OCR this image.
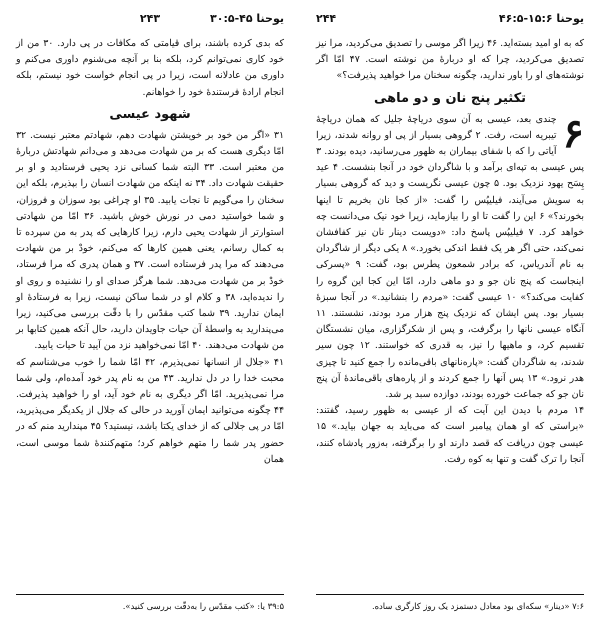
یوحنا ۴۵-۳۰:۵
۲۴۳

که بدی کرده باشند، برای قیامتی که مکافات در پی دارد. ۳۰ من از خود کاری نمی‌توانم کرد، بلکه بنا بر آنچه می‌شنوم داوری می‌کنم و داوری من عادلانه است، زیرا در پی انجام خواست خود نیستم، بلکه انجام ارادهٔ فرستندهٔ خود را خواهانم.

شهود عیسی

۳۱ «اگر من خود بر خویشتن شهادت دهم، شهادتم معتبر نیست. ۳۲ امّا دیگری هست که بر من شهادت می‌دهد و می‌دانم شهادتش دربارهٔ من معتبر است. ۳۳ البته شما کسانی نزد یحیی فرستادید و او بر حقیقت شهادت داد. ۳۴ نه اینکه من شهادت انسان را بپذیرم، بلکه این سخنان را می‌گویم تا نجات یابید. ۳۵ او چراغی بود سوزان و فروزان، و شما خواستید دمی در نورش خوش باشید. ۳۶ امّا من شهادتی استوارتر از شهادت یحیی دارم، زیرا کارهایی که پدر به من سپرده تا به کمال رسانم، یعنی همین کارها که می‌کنم، خودْ بر من شهادت می‌دهند که مرا پدر فرستاده است. ۳۷ و همان پدری که مرا فرستاد، خودْ بر من شهادت می‌دهد. شما هرگز صدای او را نشنیده و روی او را ندیده‌اید، ۳۸ و کلام او در شما ساکن نیست، زیرا به فرستادهٔ او ایمان ندارید. ۳۹ شما کتب مقدّس را با دقّت بررسی می‌کنید، زیرا می‌پندارید به واسطهٔ آن حیات جاویدان دارید، حال آنکه همین کتابها بر من شهادت می‌دهند. ۴۰ امّا نمی‌خواهید نزد من آیید تا حیات یابید.

۴۱ «جلال از انسانها نمی‌پذیرم، ۴۲ امّا شما را خوب می‌شناسم که محبت خدا را در دل ندارید. ۴۳ من به نام پدر خود آمده‌ام، ولی شما مرا نمی‌پذیرید. امّا اگر دیگری به نام خود آید، او را خواهید پذیرفت. ۴۴ چگونه می‌توانید ایمان آورید در حالی که جلال از یکدیگر می‌پذیرید، امّا در پی جلالی که از خدای یکتا باشد، نیستید؟ ۴۵ مپندارید منم که در حضور پدر شما را متهم خواهم کرد؛ متهم‌کنندهٔ شما موسی است، همان

۳۹:۵ یا: «کتب مقدّس را به‌دقّت بررسی کنید».
یوحنا ۱۵:۶-۴۶:۵
۲۴۴

که به او امید بسته‌اید. ۴۶ زیرا اگر موسی را تصدیق می‌کردید، مرا نیز تصدیق می‌کردید، چرا که او دربارهٔ من نوشته است. ۴۷ امّا اگر نوشته‌های او را باور ندارید، چگونه سخنان مرا خواهید پذیرفت؟»

تکثیر پنج نان و دو ماهی
۶

چندی بعد، عیسی به آن سوی دریاچهٔ جلیل که همان دریاچهٔ تیبریه است، رفت. ۲ گروهی بسیار از پی او روانه شدند، زیرا آیاتی را که با شفای بیماران به ظهور می‌رسانید، دیده بودند. ۳ پس عیسی به تپه‌ای برآمد و با شاگردان خود در آنجا بنشست. ۴ عید پِسَح یهود نزدیک بود. ۵ چون عیسی نگریست و دید که گروهی بسیار به سویش می‌آیند، فیلیپُس را گفت: «از کجا نان بخریم تا اینها بخورند؟» ۶ این را گفت تا او را بیازماید، زیرا خود نیک می‌دانست چه خواهد کرد. ۷ فیلیپُس پاسخ داد: «دویست دینار نان نیز کفافشان نمی‌کند، حتی اگر هر یک فقط اندکی بخورد.» ۸ یکی دیگر از شاگردان به نام آندریاس، که برادر شمعون پطرس بود، گفت: ۹ «پسرکی اینجاست که پنج نان جو و دو ماهی دارد، امّا این کجا این گروه را کفایت می‌کند؟» ۱۰ عیسی گفت: «مردم را بنشانید.» در آنجا سبزهٔ بسیار بود. پس ایشان که نزدیک پنج هزار مرد بودند، نشستند. ۱۱ آنگاه عیسی نانها را برگرفت، و پس از شکرگزاری، میان نشستگان تقسیم کرد، و ماهیها را نیز، به قدری که خواستند. ۱۲ چون سیر شدند، به شاگردان گفت: «پاره‌نانهای باقی‌مانده را جمع کنید تا چیزی هدر نرود.» ۱۳ پس آنها را جمع کردند و از پاره‌های باقی‌ماندهٔ آن پنج نان جو که جماعت خورده بودند، دوازده سبد پر شد.

۱۴ مردم با دیدن این آیت که از عیسی به ظهور رسید، گفتند: «براستی که او همان پیامبر است که می‌باید به جهان بیاید.» ۱۵ عیسی چون دریافت که قصد دارند او را برگرفته، به‌زور پادشاه کنند، آنجا را ترک گفت و تنها به کوه رفت.

۷:۶ «دینار» سکه‌ای بود معادل دستمزد یک روز کارگری ساده.
